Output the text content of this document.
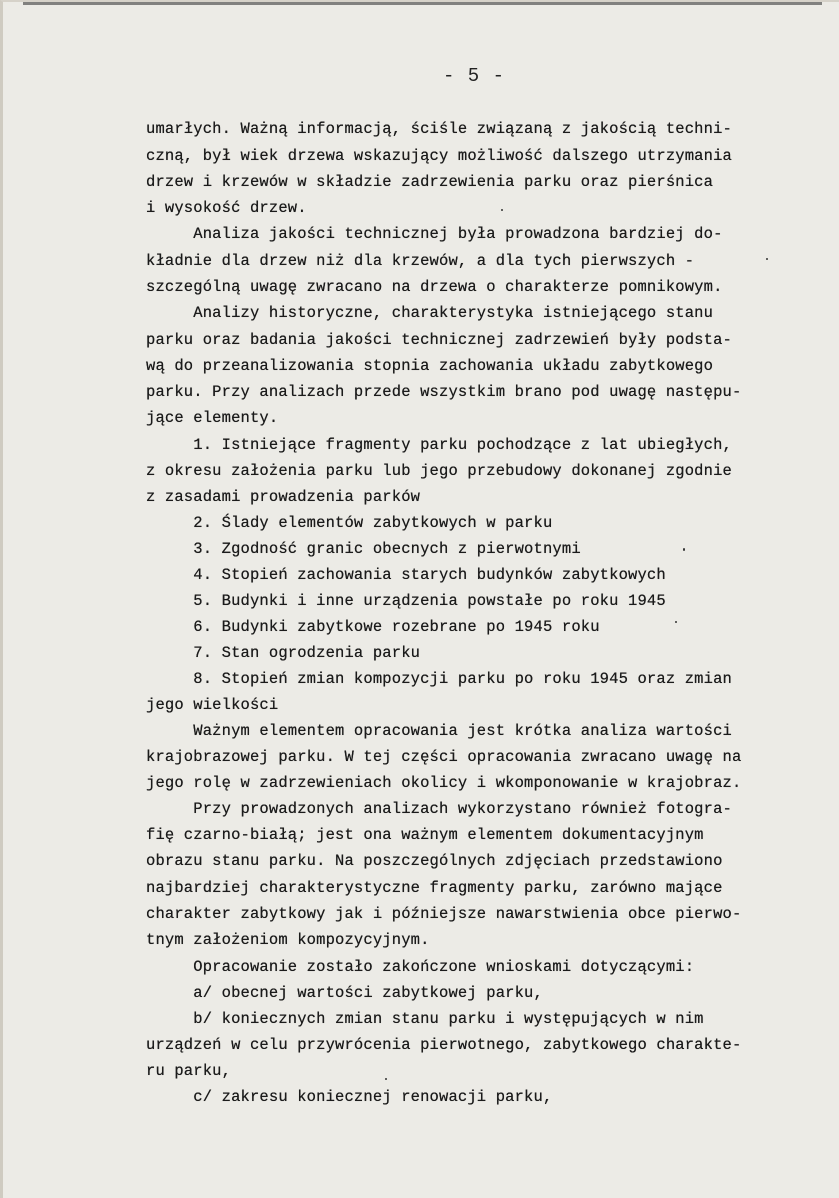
- 5 -
umarłych. Ważną informacją, ściśle związaną z jakością techni-
czną, był wiek drzewa wskazujący możliwość dalszego utrzymania
drzew i krzewów w składzie zadrzewienia parku oraz pierśnica
i wysokość drzew.
Analiza jakości technicznej była prowadzona bardziej do-
kładnie dla drzew niż dla krzewów, a dla tych pierwszych -
szczególną uwagę zwracano na drzewa o charakterze pomnikowym.
Analizy historyczne, charakterystyka istniejącego stanu
parku oraz badania jakości technicznej zadrzewień były podsta-
wą do przeanalizowania stopnia zachowania układu zabytkowego
parku. Przy analizach przede wszystkim brano pod uwagę następu-
jące elementy.
1. Istniejące fragmenty parku pochodzące z lat ubiegłych,
z okresu założenia parku lub jego przebudowy dokonanej zgodnie
z zasadami prowadzenia parków
2. Ślady elementów zabytkowych w parku
3. Zgodność granic obecnych z pierwotnymi
4. Stopień zachowania starych budynków zabytkowych
5. Budynki i inne urządzenia powstałe po roku 1945
6. Budynki zabytkowe rozebrane po 1945 roku
7. Stan ogrodzenia parku
8. Stopień zmian kompozycji parku po roku 1945 oraz zmian
jego wielkości
Ważnym elementem opracowania jest krótka analiza wartości
krajobrazowej parku. W tej części opracowania zwracano uwagę na
jego rolę w zadrzewieniach okolicy i wkomponowanie w krajobraz.
Przy prowadzonych analizach wykorzystano również fotogra-
fię czarno-białą; jest ona ważnym elementem dokumentacyjnym
obrazu stanu parku. Na poszczególnych zdjęciach przedstawiono
najbardziej charakterystyczne fragmenty parku, zarówno mające
charakter zabytkowy jak i późniejsze nawarstwienia obce pierwo-
tnym założeniom kompozycyjnym.
Opracowanie zostało zakończone wnioskami dotyczącymi:
a/ obecnej wartości zabytkowej parku,
b/ koniecznych zmian stanu parku i występujących w nim
urządzeń w celu przywrócenia pierwotnego, zabytkowego charakte-
ru parku,
c/ zakresu koniecznej renowacji parku,
